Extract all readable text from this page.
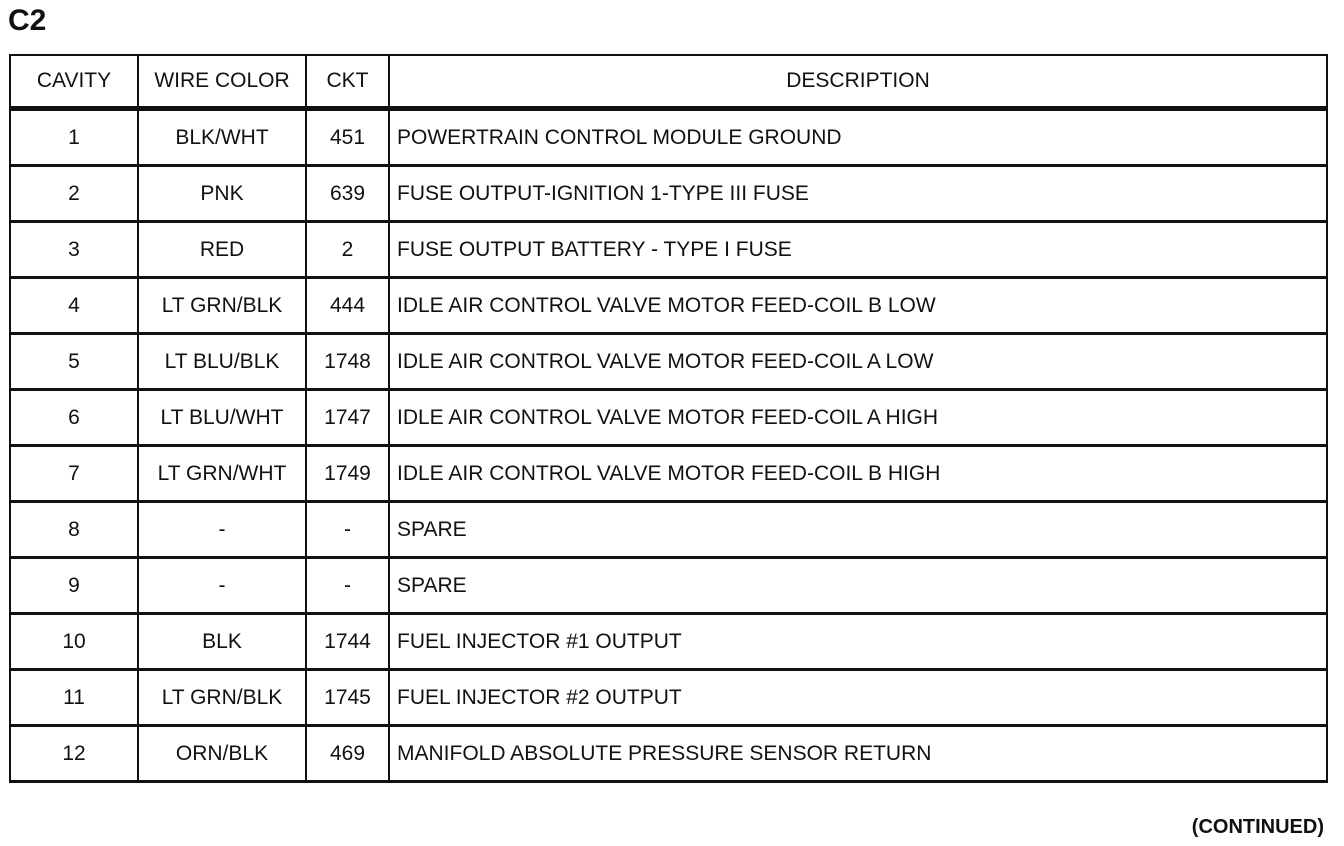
C2
CAVITY	WIRE COLOR	CKT	DESCRIPTION
1	BLK/WHT	451	POWERTRAIN CONTROL MODULE GROUND
2	PNK	639	FUSE OUTPUT-IGNITION 1-TYPE III FUSE
3	RED	2	FUSE OUTPUT BATTERY - TYPE I FUSE
4	LT GRN/BLK	444	IDLE AIR CONTROL VALVE MOTOR FEED-COIL B LOW
5	LT BLU/BLK	1748	IDLE AIR CONTROL VALVE MOTOR FEED-COIL A LOW
6	LT BLU/WHT	1747	IDLE AIR CONTROL VALVE MOTOR FEED-COIL A HIGH
7	LT GRN/WHT	1749	IDLE AIR CONTROL VALVE MOTOR FEED-COIL B HIGH
8	-	-	SPARE
9	-	-	SPARE
10	BLK	1744	FUEL INJECTOR #1 OUTPUT
11	LT GRN/BLK	1745	FUEL INJECTOR #2 OUTPUT
12	ORN/BLK	469	MANIFOLD ABSOLUTE PRESSURE SENSOR RETURN
(CONTINUED)
